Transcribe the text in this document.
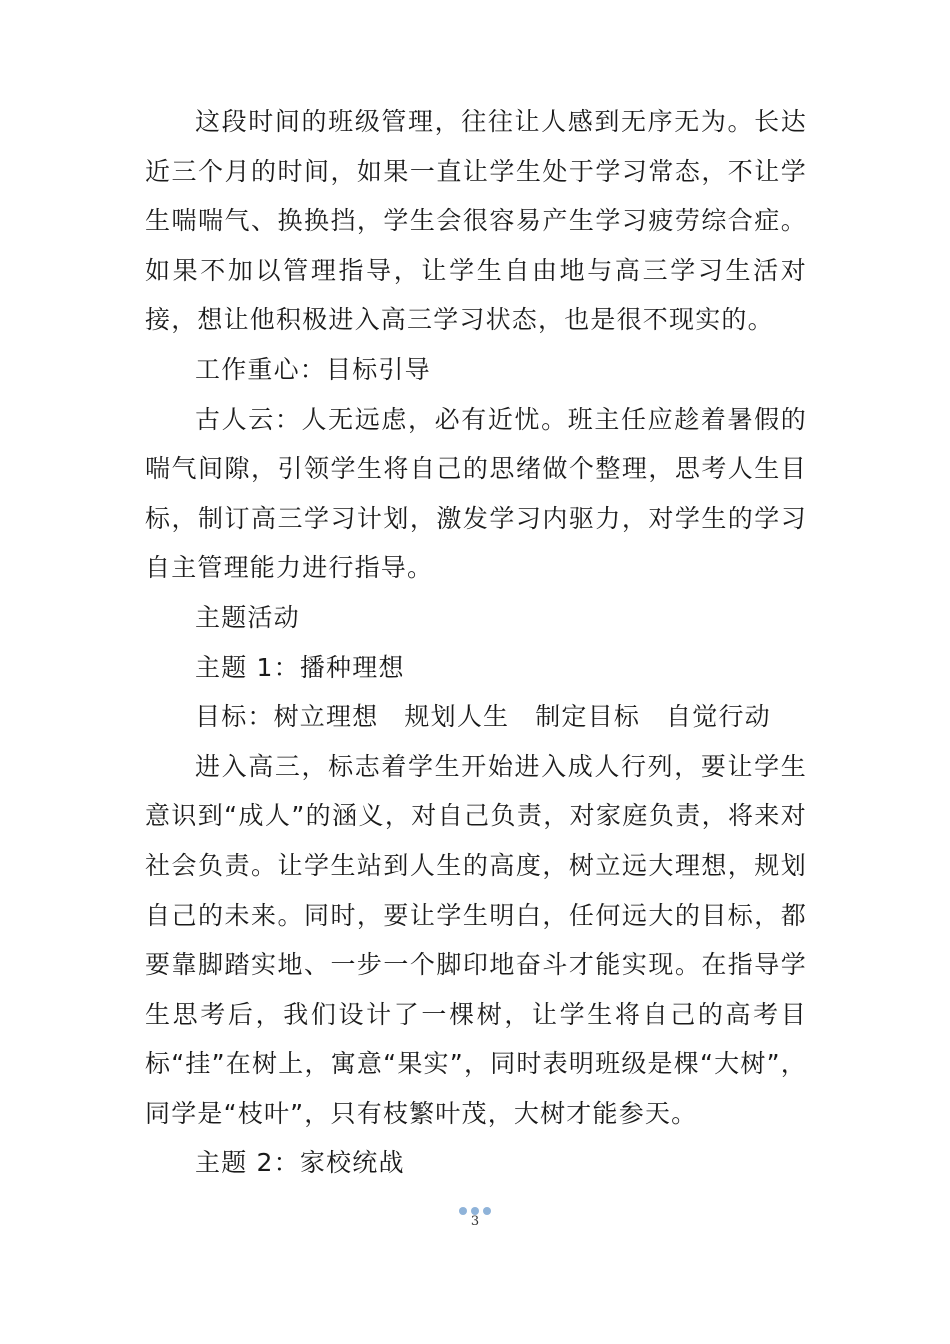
这段时间的班级管理，往往让人感到无序无为。长达近三个月的时间，如果一直让学生处于学习常态，不让学生喘喘气、换换挡，学生会很容易产生学习疲劳综合症。如果不加以管理指导，让学生自由地与高三学习生活对接，想让他积极进入高三学习状态，也是很不现实的。

工作重心：目标引导

古人云：人无远虑，必有近忧。班主任应趁着暑假的喘气间隙，引领学生将自己的思绪做个整理，思考人生目标，制订高三学习计划，激发学习内驱力，对学生的学习自主管理能力进行指导。

主题活动

主题 1：播种理想

目标：树立理想 规划人生 制定目标 自觉行动

进入高三，标志着学生开始进入成人行列，要让学生意识到“成人”的涵义，对自己负责，对家庭负责，将来对社会负责。让学生站到人生的高度，树立远大理想，规划自己的未来。同时，要让学生明白，任何远大的目标，都要靠脚踏实地、一步一个脚印地奋斗才能实现。在指导学生思考后，我们设计了一棵树，让学生将自己的高考目标“挂”在树上，寓意“果实”，同时表明班级是棵“大树”，同学是“枝叶”，只有枝繁叶茂，大树才能参天。

主题 2：家校统战

3
